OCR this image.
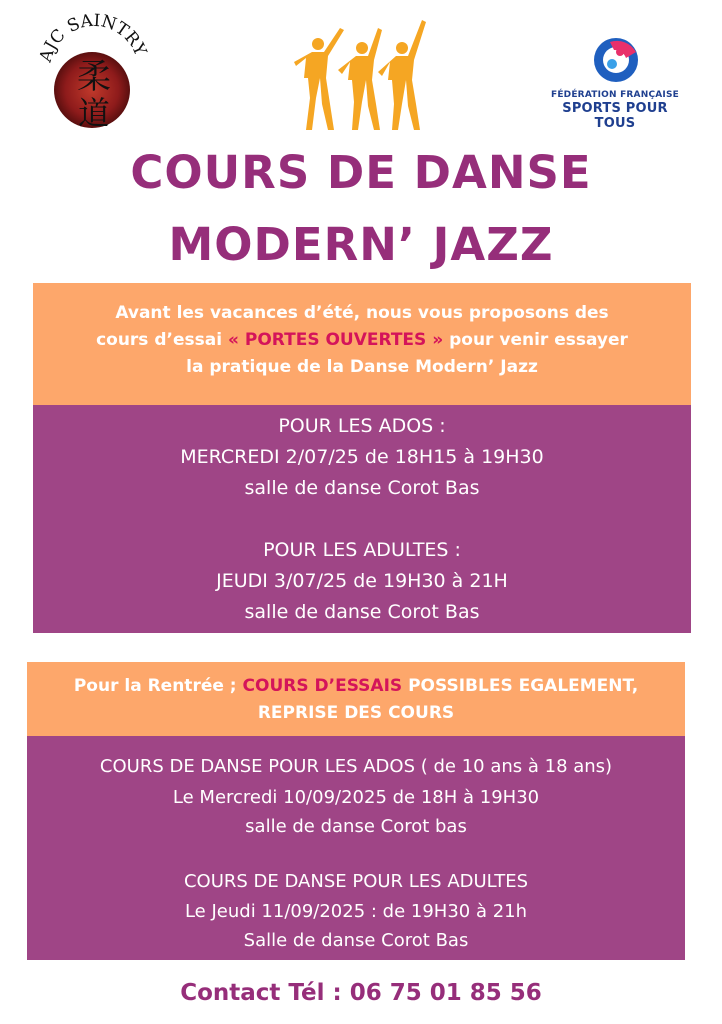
AJC SAINTRY
柔
道	FÉDÉRATION FRANÇAISE
SPORTS POUR TOUS
COURS DE DANSE
MODERN’ JAZZ
Avant les vacances d’été, nous vous proposons des
cours d’essai « PORTES OUVERTES » pour venir essayer
la pratique de la Danse Modern’ Jazz
POUR LES ADOS :
MERCREDI 2/07/25 de 18H15 à 19H30
salle de danse Corot Bas
POUR LES ADULTES :
JEUDI 3/07/25 de 19H30 à 21H
salle de danse Corot Bas
Pour la Rentrée ; COURS D’ESSAIS POSSIBLES EGALEMENT,
REPRISE DES COURS
COURS DE DANSE POUR LES ADOS ( de 10 ans à 18 ans)
Le Mercredi 10/09/2025 de 18H à 19H30
salle de danse Corot bas
COURS DE DANSE POUR LES ADULTES
Le Jeudi 11/09/2025 : de 19H30 à 21h
Salle de danse Corot Bas
Contact Tél : 06 75 01 85 56
